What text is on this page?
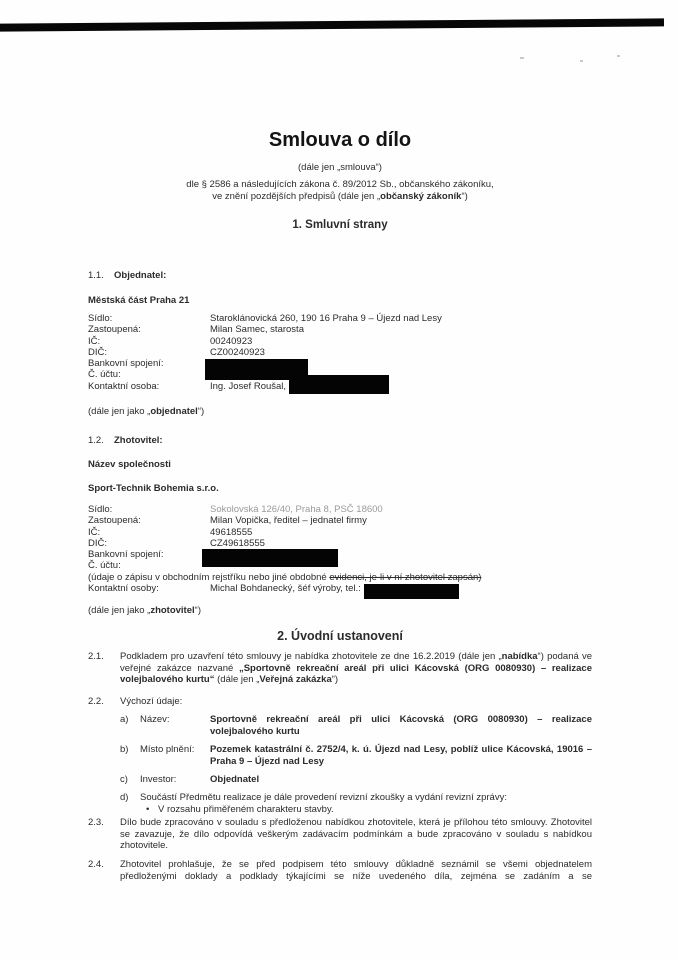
Smlouva o dílo
(dále jen „smlouva“)
dle § 2586 a následujících zákona č. 89/2012 Sb., občanského zákoníku,
ve znění pozdějších předpisů (dále jen „občanský zákoník“)
1. Smluvní strany
1.1. Objednatel:
Městská část Praha 21
Sídlo:	Staroklánovická 260, 190 16 Praha 9 – Újezd nad Lesy
Zastoupená:	Milan Samec, starosta
IČ:	00240923
DIČ:	CZ00240923
Bankovní spojení:
Č. účtu:
Kontaktní osoba:	Ing. Josef Roušal,
(dále jen jako „objednatel“)
1.2. Zhotovitel:
Název společnosti
Sport-Technik Bohemia s.r.o.
Sídlo:	Sokolovská 126/40, Praha 8, PSČ 18600
Zastoupená:	Milan Vopička, ředitel – jednatel firmy
IČ:	49618555
DIČ:	CZ49618555
Bankovní spojení:
Č. účtu:
(údaje o zápisu v obchodním rejstříku nebo jiné obdobné evidenci, je-li v ní zhotovitel zapsán)
Kontaktní osoby:	Michal Bohdanecký, šéf výroby, tel.:
(dále jen jako „zhotovitel“)
2. Úvodní ustanovení
2.1. Podkladem pro uzavření této smlouvy je nabídka zhotovitele ze dne 16.2.2019 (dále jen „nabídka“) podaná ve veřejné zakázce nazvané „Sportovně rekreační areál při ulici Kácovská (ORG 0080930) – realizace volejbalového kurtu“ (dále jen „Veřejná zakázka“)
2.2. Výchozí údaje:
a) Název:	Sportovně rekreační areál při ulici Kácovská (ORG 0080930) – realizace volejbalového kurtu
b) Místo plnění: Pozemek katastrální č. 2752/4, k. ú. Újezd nad Lesy, poblíž ulice Kácovská, 19016 – Praha 9 – Újezd nad Lesy
c) Investor:	Objednatel
d) Součástí Předmětu realizace je dále provedení revizní zkoušky a vydání revizní zprávy:
• V rozsahu přiměřeném charakteru stavby.
2.3. Dílo bude zpracováno v souladu s předloženou nabídkou zhotovitele, která je přílohou této smlouvy. Zhotovitel se zavazuje, že dílo odpovídá veškerým zadávacím podmínkám a bude zpracováno v souladu s nabídkou zhotovitele.
2.4. Zhotovitel prohlašuje, že se před podpisem této smlouvy důkladně seznámil se všemi objednatelem předloženými doklady a podklady týkajícími se níže uvedeného díla, zejména se zadáním a se
